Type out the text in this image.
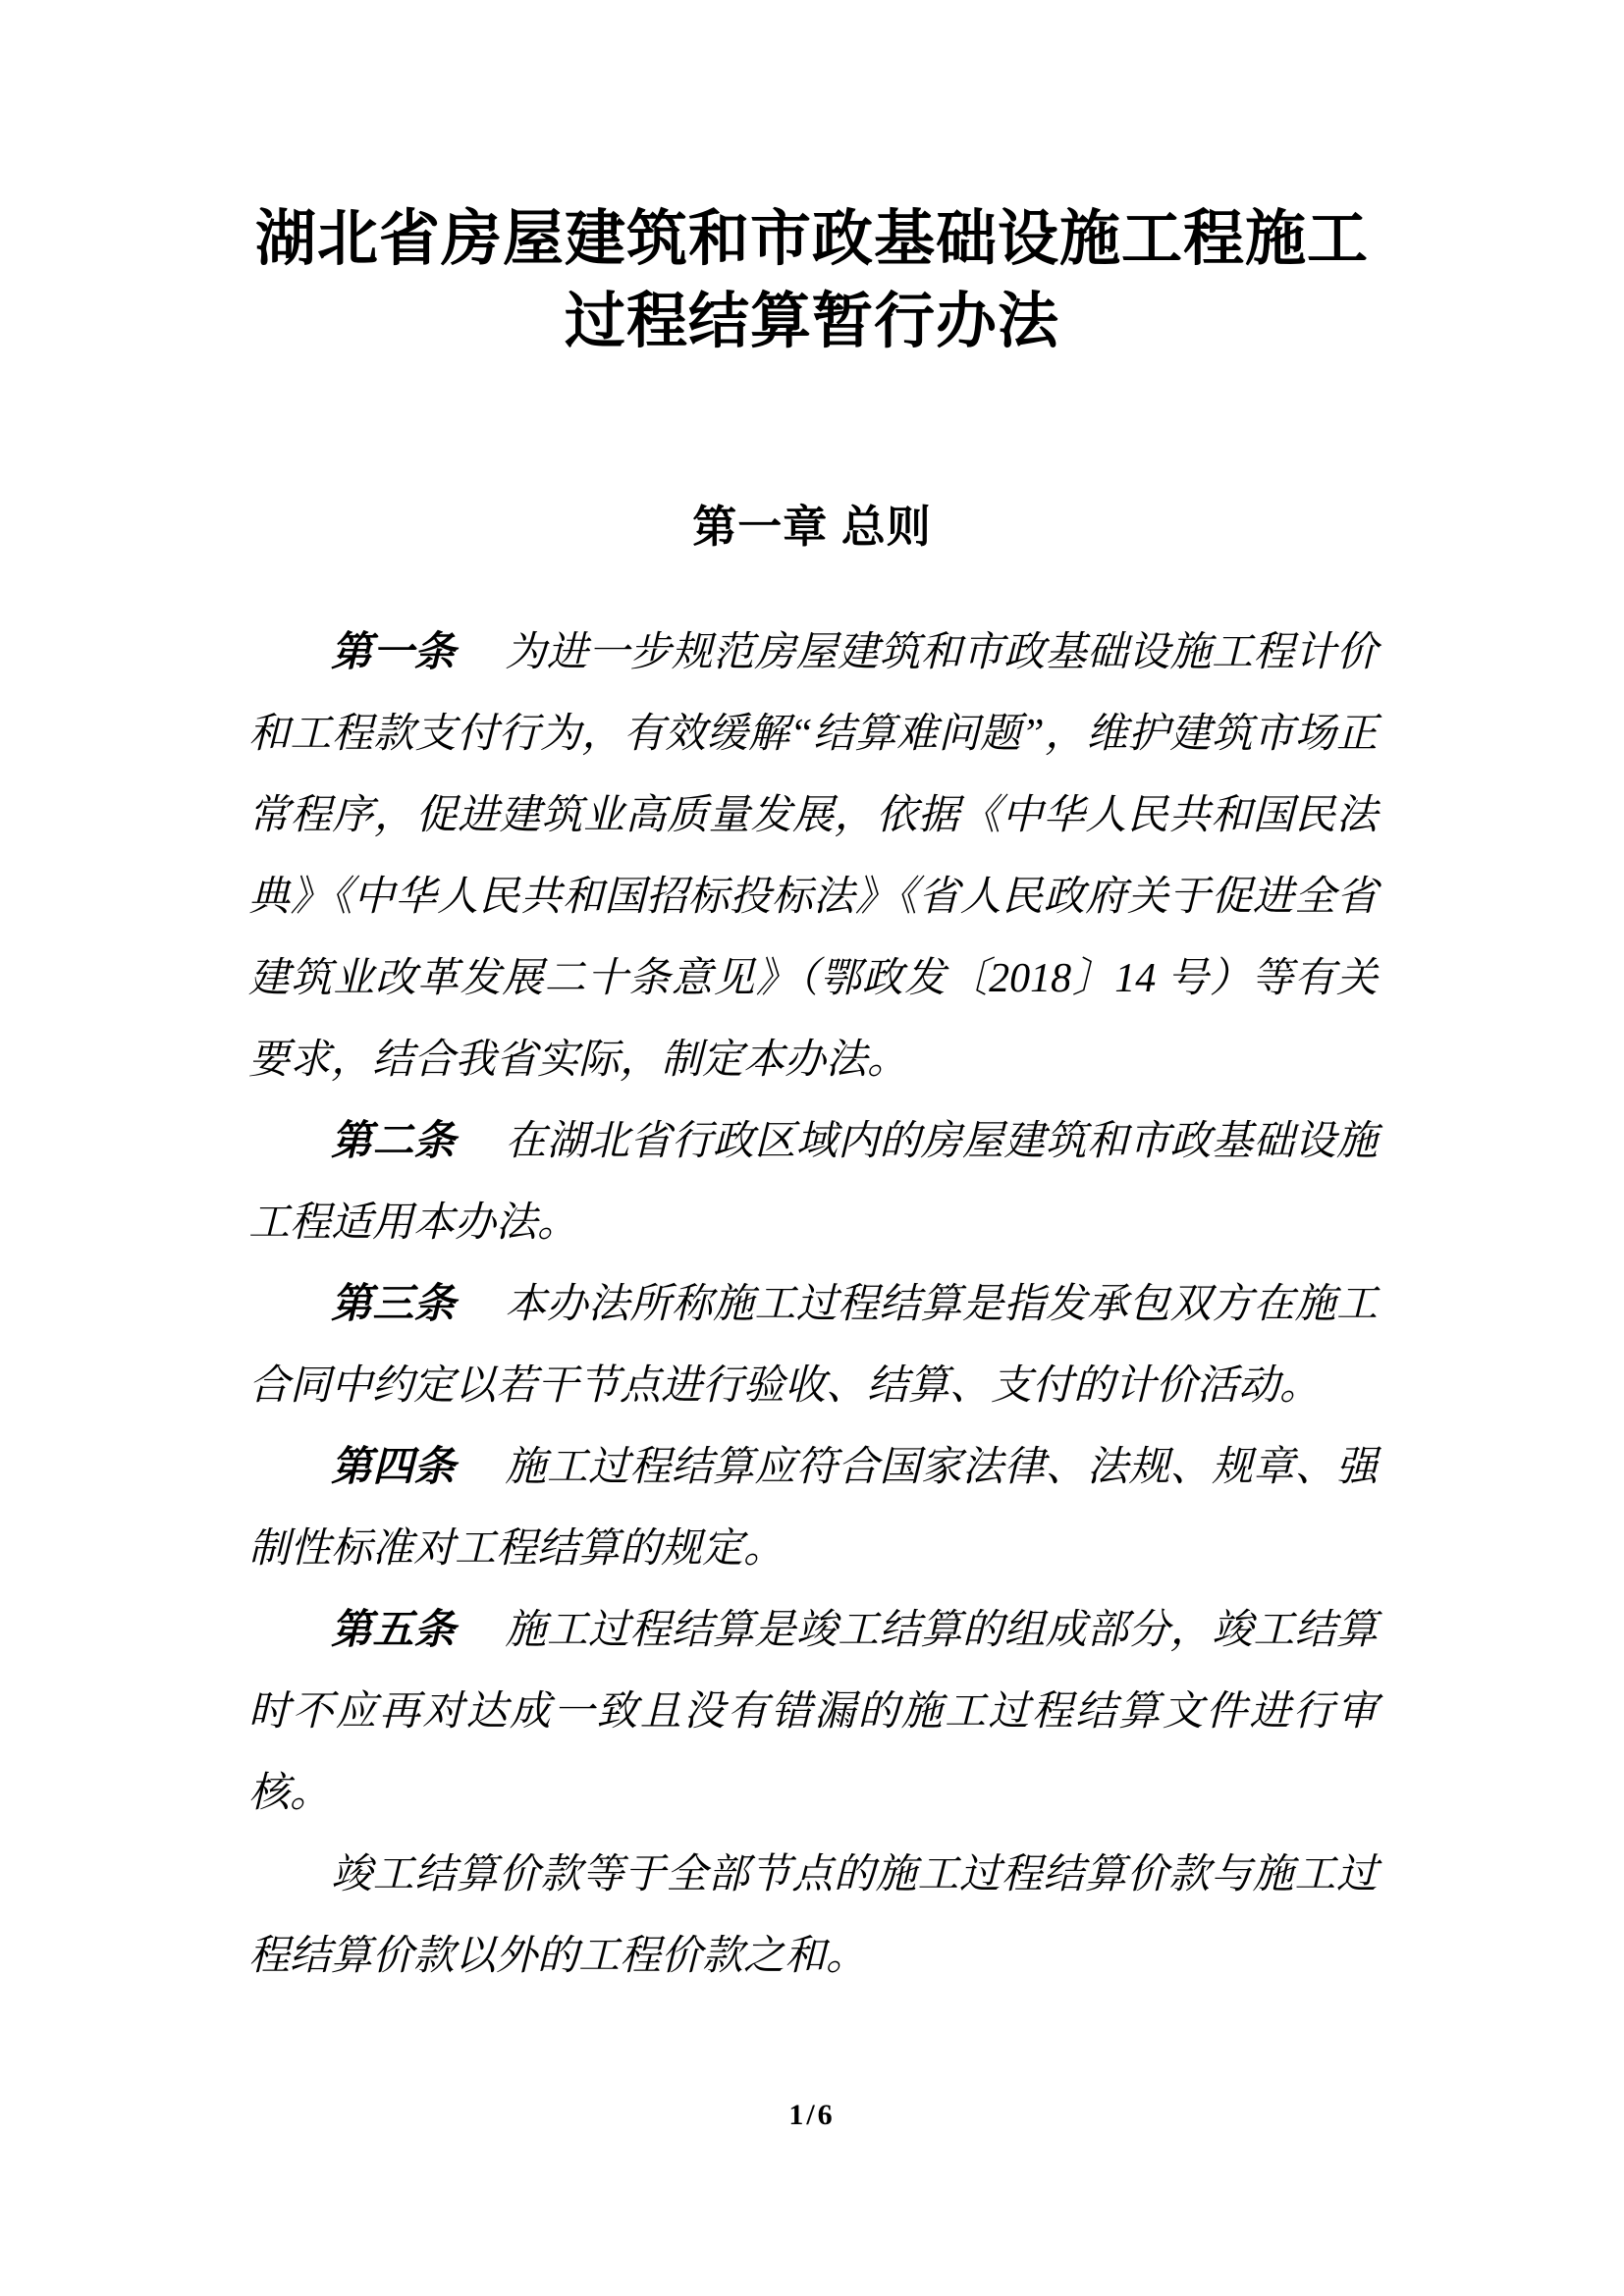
湖北省房屋建筑和市政基础设施工程施工
过程结算暂行办法
第一章 总则

第一条 为进一步规范房屋建筑和市政基础设施工程计价和工程款支付行为，有效缓解“结算难问题”，维护建筑市场正常程序，促进建筑业高质量发展，依据《中华人民共和国民法典》《中华人民共和国招标投标法》《省人民政府关于促进全省建筑业改革发展二十条意见》（鄂政发〔2018〕14 号）等有关要求，结合我省实际，制定本办法。

第二条 在湖北省行政区域内的房屋建筑和市政基础设施工程适用本办法。

第三条 本办法所称施工过程结算是指发承包双方在施工合同中约定以若干节点进行验收、结算、支付的计价活动。

第四条 施工过程结算应符合国家法律、法规、规章、强制性标准对工程结算的规定。

第五条 施工过程结算是竣工结算的组成部分，竣工结算时不应再对达成一致且没有错漏的施工过程结算文件进行审核。

竣工结算价款等于全部节点的施工过程结算价款与施工过程结算价款以外的工程价款之和。

1/6
